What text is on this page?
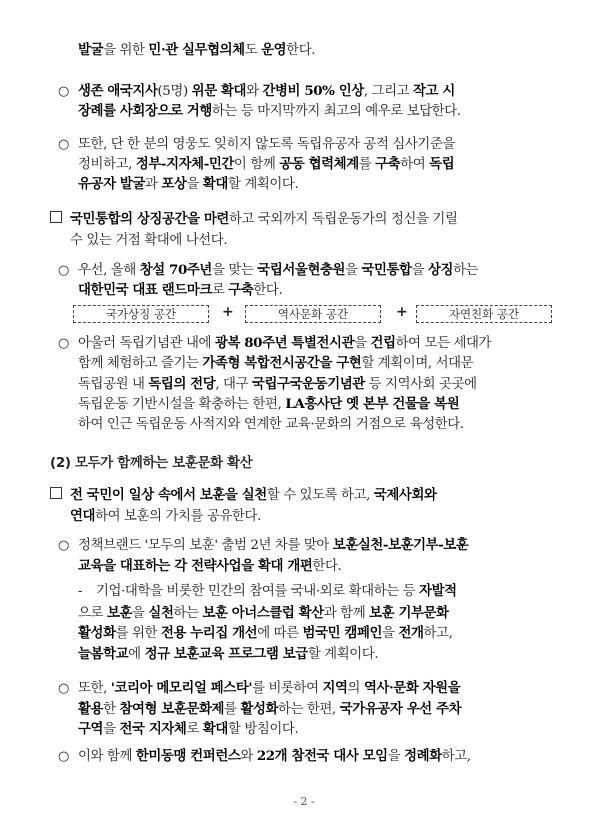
발굴을 위한 민·관 실무협의체도 운영한다.
생존 애국지사(5명) 위문 확대와 간병비 50% 인상, 그리고 작고 시
장례를 사회장으로 거행하는 등 마지막까지 최고의 예우로 보답한다.
또한, 단 한 분의 영웅도 잊히지 않도록 독립유공자 공적 심사기준을
정비하고, 정부-지자체-민간이 함께 공동 협력체계를 구축하여 독립
유공자 발굴과 포상을 확대할 계획이다.
국민통합의 상징공간을 마련하고 국외까지 독립운동가의 정신을 기릴
수 있는 거점 확대에 나선다.
우선, 올해 창설 70주년을 맞는 국립서울현충원을 국민통합을 상징하는
대한민국 대표 랜드마크로 구축한다.
아울러 독립기념관 내에 광복 80주년 특별전시관을 건립하여 모든 세대가
함께 체험하고 즐기는 가족형 복합전시공간을 구현할 계획이며, 서대문
독립공원 내 독립의 전당, 대구 국립구국운동기념관 등 지역사회 곳곳에
독립운동 기반시설을 확충하는 한편, LA흥사단 옛 본부 건물을 복원
하여 인근 독립운동 사적지와 연계한 교육·문화의 거점으로 육성한다.
전 국민이 일상 속에서 보훈을 실천할 수 있도록 하고, 국제사회와
연대하여 보훈의 가치를 공유한다.
정책브랜드 '모두의 보훈' 출범 2년 차를 맞아 보훈실천-보훈기부-보훈
교육을 대표하는 각 전략사업을 확대 개편한다.
기업·대학을 비롯한 민간의 참여를 국내·외로 확대하는 등 자발적
으로 보훈을 실천하는 보훈 아너스클럽 확산과 함께 보훈 기부문화
활성화를 위한 전용 누리집 개선에 따른 범국민 캠페인을 전개하고,
늘봄학교에 정규 보훈교육 프로그램 보급할 계획이다.
또한, '코리아 메모리얼 페스타'를 비롯하여 지역의 역사·문화 자원을
활용한 참여형 보훈문화제를 활성화하는 한편, 국가유공자 우선 주차
구역을 전국 지자체로 확대할 방침이다.
이와 함께 한미동맹 컨퍼런스와 22개 참전국 대사 모임을 정례화하고,
○
○
○
○
국가상징 공간	+	역사문화 공간	+	자연친화 공간
(2) 모두가 함께하는 보훈문화 확산
○
-
○
○
- 2 -
